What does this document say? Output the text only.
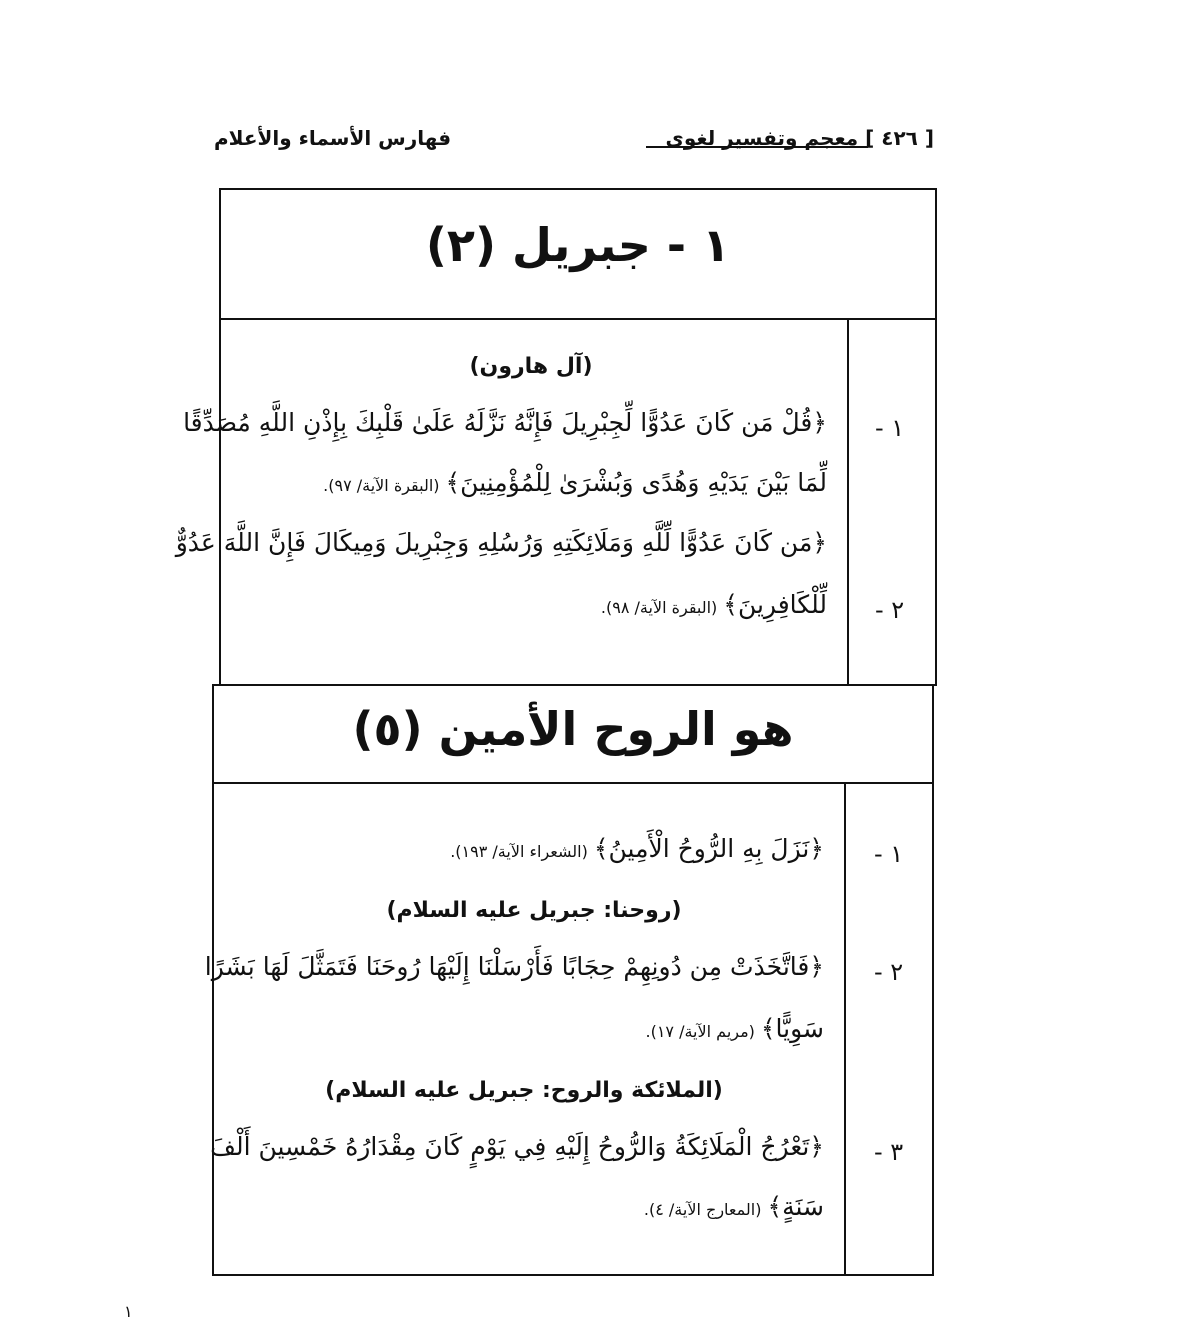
[ ٤٢٦ ] معجم وتفسير لغوى
فهارس الأسماء والأعلام
١ - جبريل (٢)
(آل هارون)
١ -
﴿قُلْ مَن كَانَ عَدُوًّا لِّجِبْرِيلَ فَإِنَّهُ نَزَّلَهُ عَلَىٰ قَلْبِكَ بِإِذْنِ اللَّهِ مُصَدِّقًا
لِّمَا بَيْنَ يَدَيْهِ وَهُدًى وَبُشْرَىٰ لِلْمُؤْمِنِينَ﴾(البقرة الآية/ ٩٧).
﴿مَن كَانَ عَدُوًّا لِّلَّهِ وَمَلَائِكَتِهِ وَرُسُلِهِ وَجِبْرِيلَ وَمِيكَالَ فَإِنَّ اللَّهَ عَدُوٌّ
٢ -
لِّلْكَافِرِينَ﴾(البقرة الآية/ ٩٨).
هو الروح الأمين (٥)
١ -
﴿نَزَلَ بِهِ الرُّوحُ الْأَمِينُ﴾(الشعراء الآية/ ١٩٣).
(روحنا: جبريل عليه السلام)
٢ -
﴿فَاتَّخَذَتْ مِن دُونِهِمْ حِجَابًا فَأَرْسَلْنَا إِلَيْهَا رُوحَنَا فَتَمَثَّلَ لَهَا بَشَرًا
سَوِيًّا﴾(مريم الآية/ ١٧).
(الملائكة والروح: جبريل عليه السلام)
٣ -
﴿تَعْرُجُ الْمَلَائِكَةُ وَالرُّوحُ إِلَيْهِ فِي يَوْمٍ كَانَ مِقْدَارُهُ خَمْسِينَ أَلْفَ
سَنَةٍ﴾(المعارج الآية/ ٤).
١
